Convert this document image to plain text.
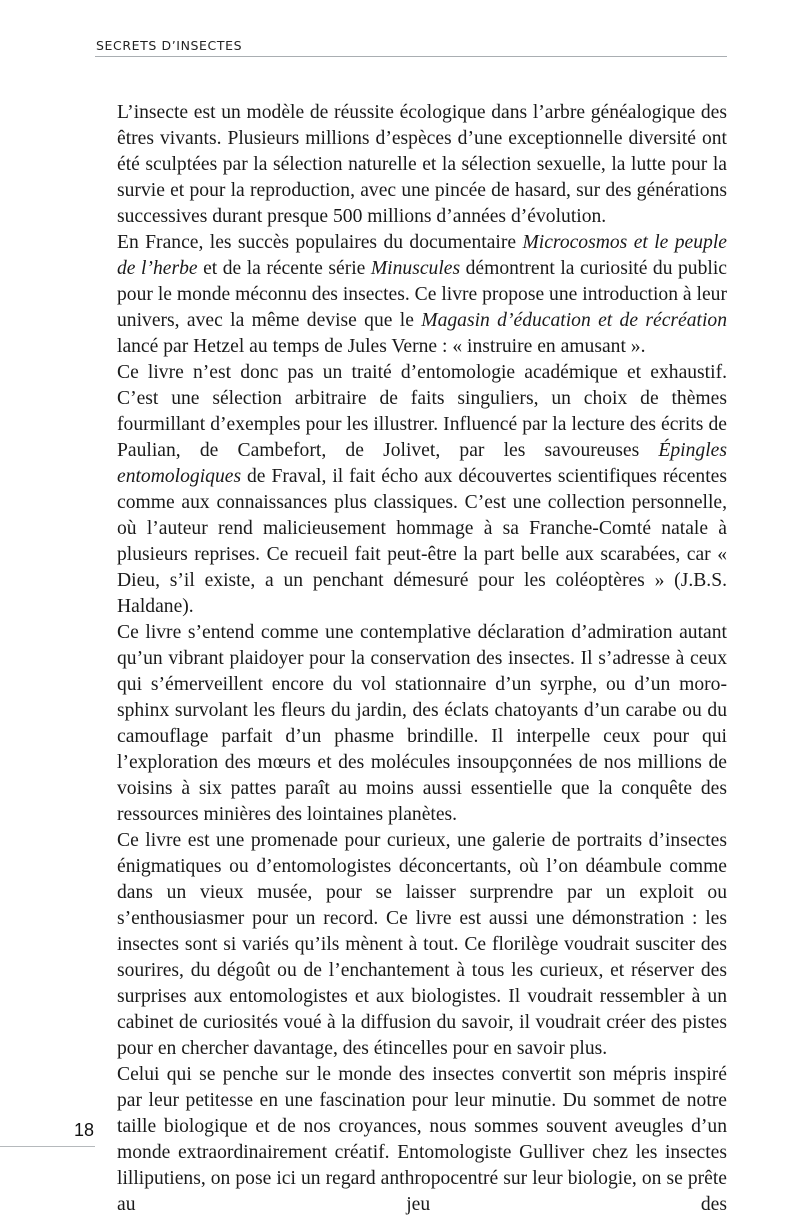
SECRETS D’INSECTES

L’insecte est un modèle de réussite écologique dans l’arbre généalogique des êtres vivants. Plusieurs millions d’espèces d’une exceptionnelle diversité ont été sculptées par la sélection naturelle et la sélection sexuelle, la lutte pour la survie et pour la reproduction, avec une pincée de hasard, sur des générations successives durant presque 500 millions d’années d’évolution.

En France, les succès populaires du documentaire Microcosmos et le peuple de l’herbe et de la récente série Minuscules démontrent la curiosité du public pour le monde méconnu des insectes. Ce livre propose une introduction à leur univers, avec la même devise que le Magasin d’éducation et de récréation lancé par Hetzel au temps de Jules Verne : « instruire en amusant ».

Ce livre n’est donc pas un traité d’entomologie académique et exhaustif. C’est une sélection arbitraire de faits singuliers, un choix de thèmes fourmillant d’exemples pour les illustrer. Influencé par la lecture des écrits de Paulian, de Cambefort, de Jolivet, par les savoureuses Épingles entomologiques de Fraval, il fait écho aux découvertes scientifiques récentes comme aux connaissances plus classiques. C’est une collection personnelle, où l’auteur rend malicieusement hommage à sa Franche-Comté natale à plusieurs reprises. Ce recueil fait peut-être la part belle aux scarabées, car « Dieu, s’il existe, a un penchant démesuré pour les coléoptères » (J.B.S. Haldane).

Ce livre s’entend comme une contemplative déclaration d’admiration autant qu’un vibrant plaidoyer pour la conservation des insectes. Il s’adresse à ceux qui s’émerveillent encore du vol stationnaire d’un syrphe, ou d’un moro-sphinx survolant les fleurs du jardin, des éclats chatoyants d’un carabe ou du camouflage parfait d’un phasme brindille. Il interpelle ceux pour qui l’exploration des mœurs et des molécules insoupçonnées de nos millions de voisins à six pattes paraît au moins aussi essentielle que la conquête des ressources minières des lointaines planètes.

Ce livre est une promenade pour curieux, une galerie de portraits d’insectes énigmatiques ou d’entomologistes déconcertants, où l’on déambule comme dans un vieux musée, pour se laisser surprendre par un exploit ou s’enthousiasmer pour un record. Ce livre est aussi une démonstration : les insectes sont si variés qu’ils mènent à tout. Ce florilège voudrait susciter des sourires, du dégoût ou de l’enchantement à tous les curieux, et réserver des surprises aux entomologistes et aux biologistes. Il voudrait ressembler à un cabinet de curiosités voué à la diffusion du savoir, il voudrait créer des pistes pour en chercher davantage, des étincelles pour en savoir plus.

Celui qui se penche sur le monde des insectes convertit son mépris inspiré par leur petitesse en une fascination pour leur minutie. Du sommet de notre taille biologique et de nos croyances, nous sommes souvent aveugles d’un monde extraordinairement créatif. Entomologiste Gulliver chez les insectes lilliputiens, on pose ici un regard anthropocentré sur leur biologie, on se prête au jeu des

18
